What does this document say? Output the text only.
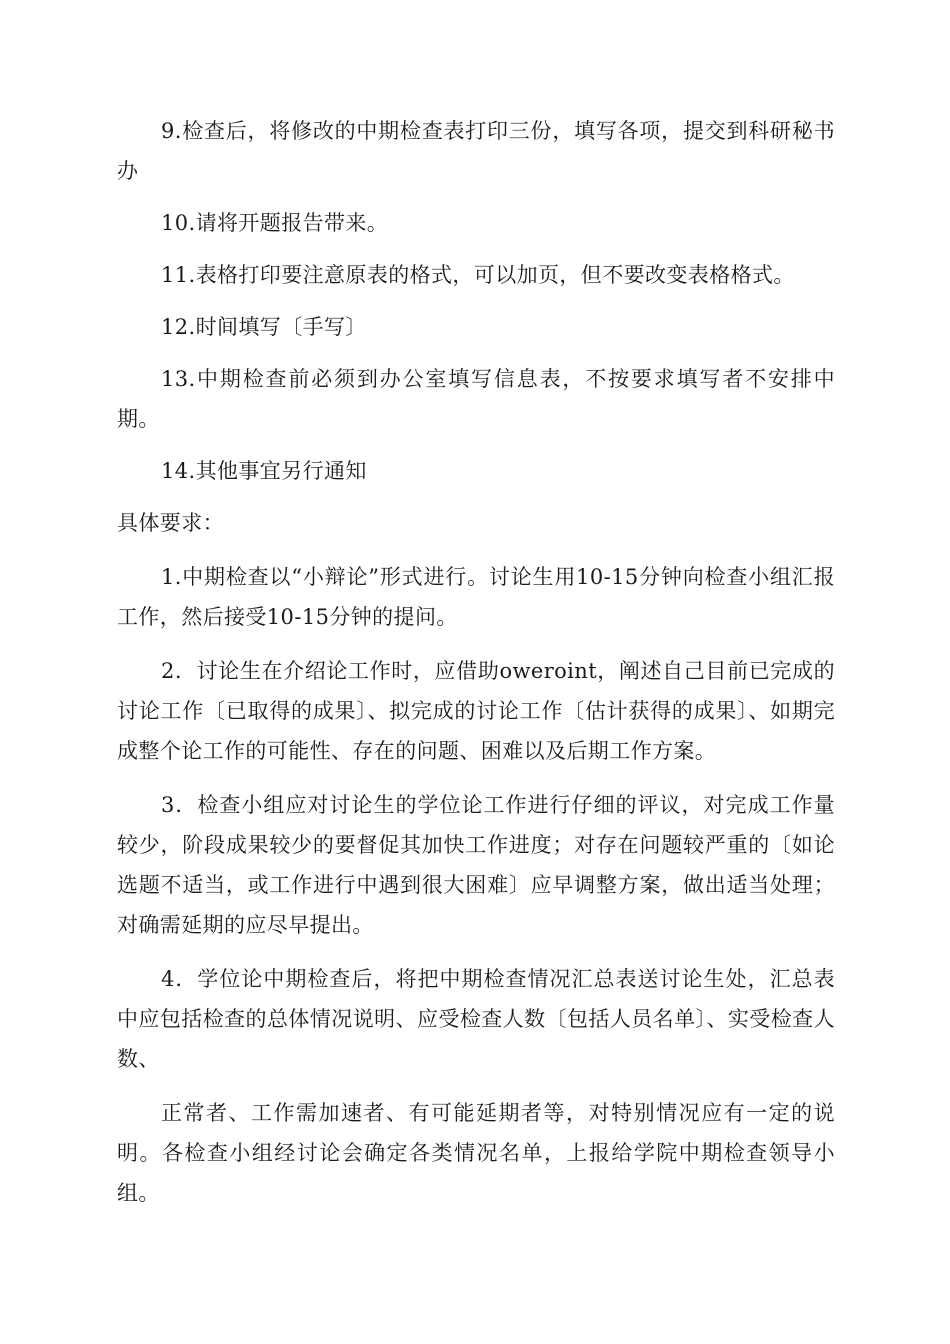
9.检查后，将修改的中期检查表打印三份，填写各项，提交到科研秘书办

10.请将开题报告带来。

11.表格打印要注意原表的格式，可以加页，但不要改变表格格式。

12.时间填写〔手写〕

13.中期检查前必须到办公室填写信息表，不按要求填写者不安排中期。

14.其他事宜另行通知

具体要求：

1.中期检查以“小辩论”形式进行。讨论生用10-15分钟向检查小组汇报工作，然后接受10-15分钟的提问。

2．讨论生在介绍论工作时，应借助oweroint，阐述自己目前已完成的讨论工作〔已取得的成果〕、拟完成的讨论工作〔估计获得的成果〕、如期完成整个论工作的可能性、存在的问题、困难以及后期工作方案。

3．检查小组应对讨论生的学位论工作进行仔细的评议，对完成工作量较少，阶段成果较少的要督促其加快工作进度；对存在问题较严重的〔如论选题不适当，或工作进行中遇到很大困难〕应早调整方案，做出适当处理；对确需延期的应尽早提出。

4．学位论中期检查后，将把中期检查情况汇总表送讨论生处，汇总表中应包括检查的总体情况说明、应受检查人数〔包括人员名单〕、实受检查人数、

正常者、工作需加速者、有可能延期者等，对特别情况应有一定的说明。各检查小组经讨论会确定各类情况名单，上报给学院中期检查领导小组。
